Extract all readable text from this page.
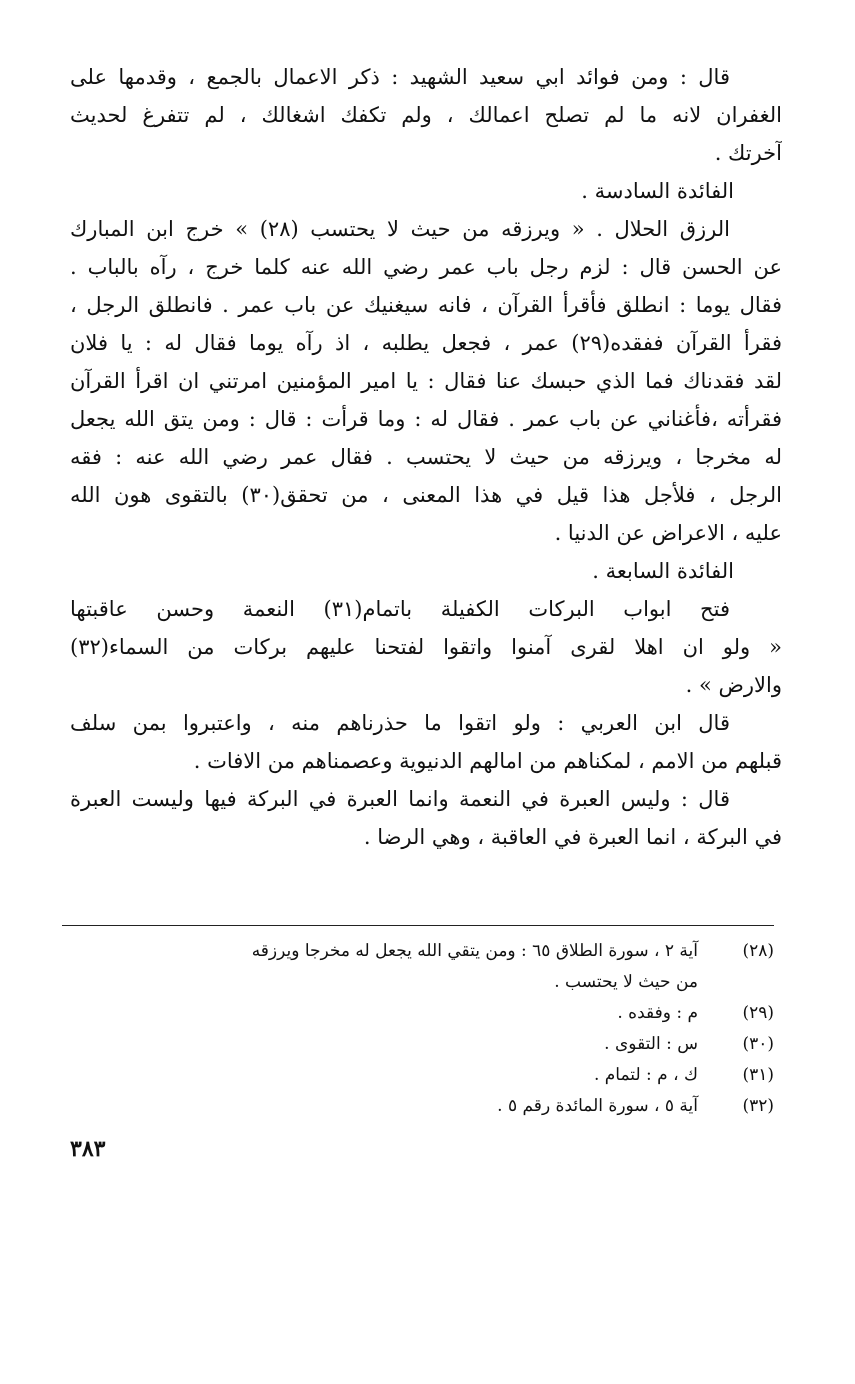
قال : ومن فوائد ابي سعيد الشهيد : ذكر الاعمال بالجمع ، وقدمها على
الغفران لانه ما لم تصلح اعمالك ، ولم تكفك اشغالك ، لم تتفرغ لحديث
آخرتك .
الفائدة السادسة .
الرزق الحلال . « ويرزقه من حيث لا يحتسب (٢٨) » خرج ابن المبارك
عن الحسن قال : لزم رجل باب عمر رضي الله عنه كلما خرج ، رآه بالباب .
فقال يوما : انطلق فأقرأ القرآن ، فانه سيغنيك عن باب عمر . فانطلق الرجل ،
فقرأ القرآن ففقده(٢٩) عمر ، فجعل يطلبه ، اذ رآه يوما فقال له : يا فلان
لقد فقدناك فما الذي حبسك عنا فقال : يا امير المؤمنين امرتني ان اقرأ القرآن
فقرأته ،فأغناني عن باب عمر . فقال له : وما قرأت : قال : ومن يتق الله يجعل
له مخرجا ، ويرزقه من حيث لا يحتسب . فقال عمر رضي الله عنه : فقه
الرجل ، فلأجل هذا قيل في هذا المعنى ، من تحقق(٣٠) بالتقوى هون الله
عليه ، الاعراض عن الدنيا .
الفائدة السابعة .
فتح ابواب البركات الكفيلة باتمام(٣١) النعمة وحسن عاقبتها
« ولو ان اهلا لقرى آمنوا واتقوا لفتحنا عليهم بركات من السماء(٣٢)
والارض » .
قال ابن العربي : ولو اتقوا ما حذرناهم منه ، واعتبروا بمن سلف
قبلهم من الامم ، لمكناهم من امالهم الدنيوية وعصمناهم من الافات .
قال : وليس العبرة في النعمة وانما العبرة في البركة فيها وليست العبرة
في البركة ، انما العبرة في العاقبة ، وهي الرضا .
(٢٨)
آية ٢ ، سورة الطلاق ٦٥ : ومن يتقي الله يجعل له مخرجا ويرزقه
من حيث لا يحتسب .
(٢٩)
م : وفقده .
(٣٠)
س : التقوى .
(٣١)
ك ، م : لتمام .
(٣٢)
آية ٥ ، سورة المائدة رقم ٥ .
٣٨٣
